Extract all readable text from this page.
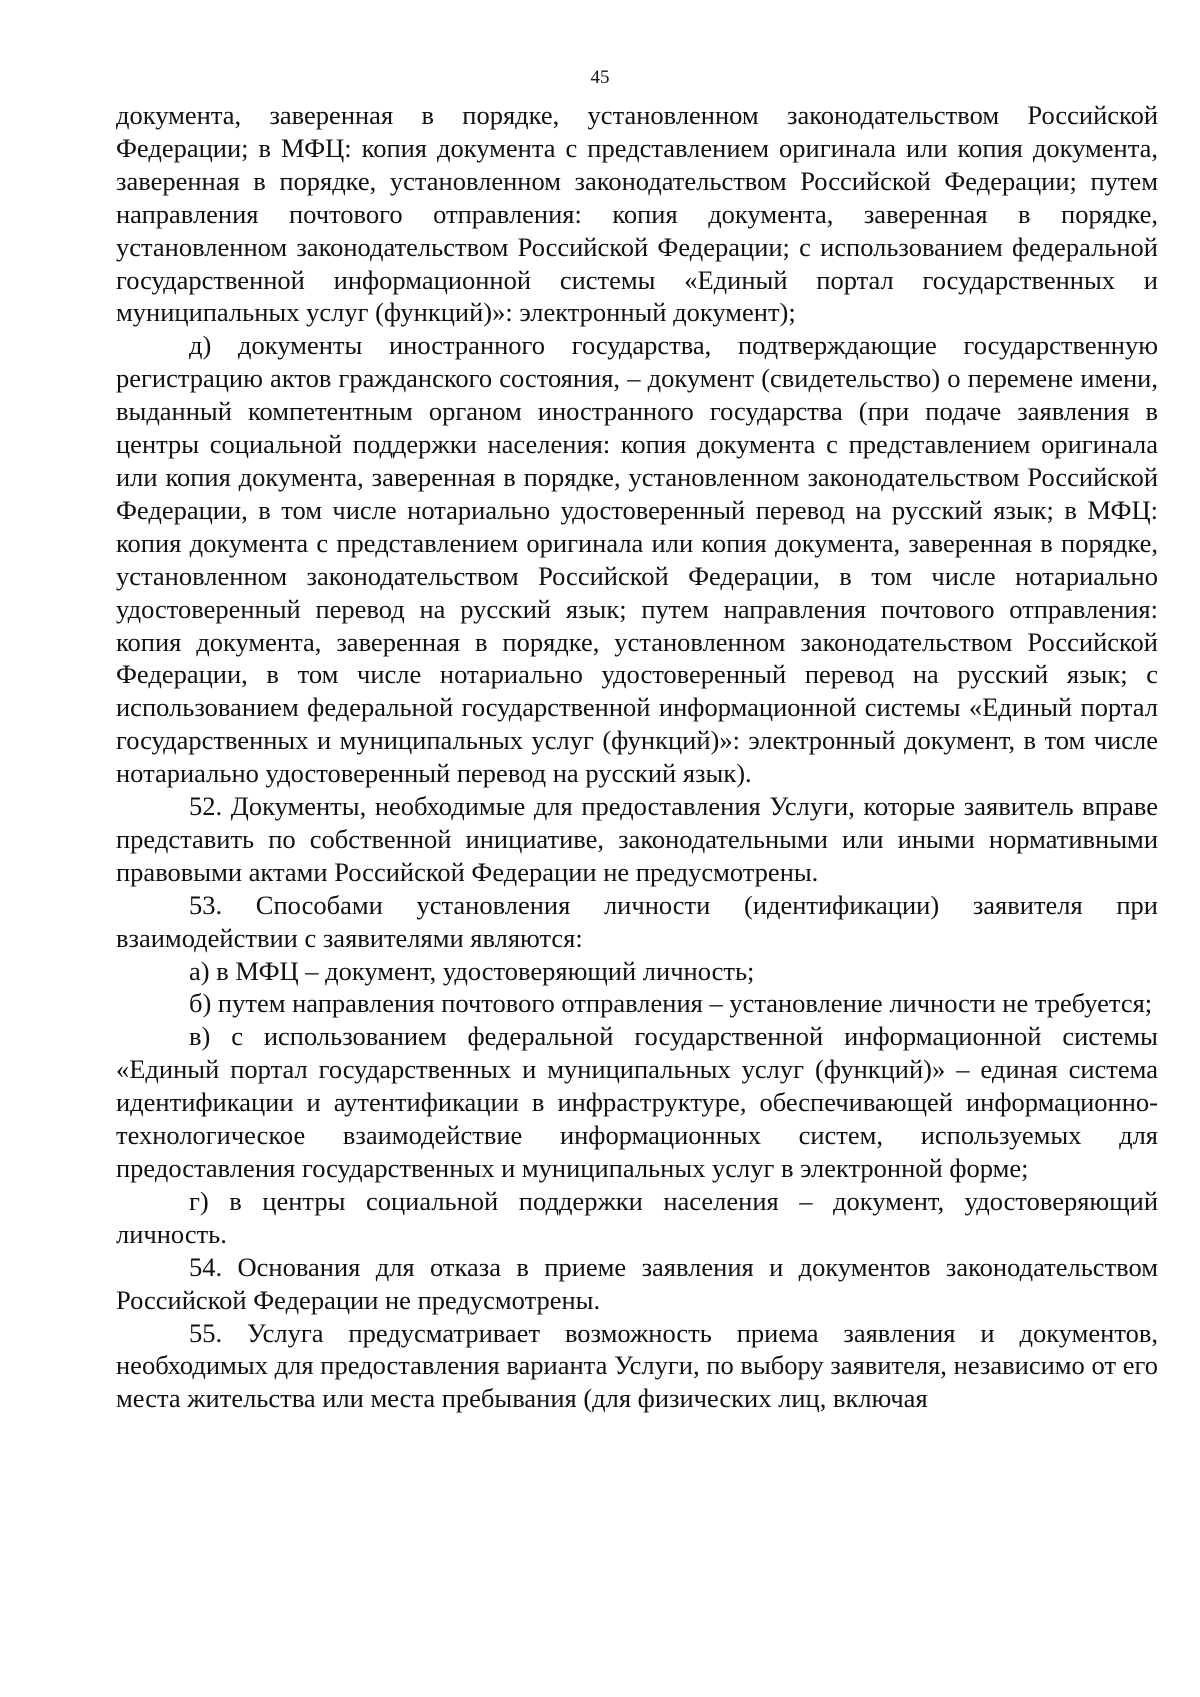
45

документа, заверенная в порядке, установленном законодательством Российской Федерации; в МФЦ: копия документа с представлением оригинала или копия документа, заверенная в порядке, установленном законодательством Российской Федерации; путем направления почтового отправления: копия документа, заверенная в порядке, установленном законодательством Российской Федерации; с использованием федеральной государственной информационной системы «Единый портал государственных и муниципальных услуг (функций)»: электронный документ);

д) документы иностранного государства, подтверждающие государственную регистрацию актов гражданского состояния, – документ (свидетельство) о перемене имени, выданный компетентным органом иностранного государства (при подаче заявления в центры социальной поддержки населения: копия документа с представлением оригинала или копия документа, заверенная в порядке, установленном законодательством Российской Федерации, в том числе нотариально удостоверенный перевод на русский язык; в МФЦ: копия документа с представлением оригинала или копия документа, заверенная в порядке, установленном законодательством Российской Федерации, в том числе нотариально удостоверенный перевод на русский язык; путем направления почтового отправления: копия документа, заверенная в порядке, установленном законодательством Российской Федерации, в том числе нотариально удостоверенный перевод на русский язык; с использованием федеральной государственной информационной системы «Единый портал государственных и муниципальных услуг (функций)»: электронный документ, в том числе нотариально удостоверенный перевод на русский язык).

52. Документы, необходимые для предоставления Услуги, которые заявитель вправе представить по собственной инициативе, законодательными или иными нормативными правовыми актами Российской Федерации не предусмотрены.

53. Способами установления личности (идентификации) заявителя при взаимодействии с заявителями являются:

а) в МФЦ – документ, удостоверяющий личность;

б) путем направления почтового отправления – установление личности не требуется;

в) с использованием федеральной государственной информационной системы «Единый портал государственных и муниципальных услуг (функций)» – единая система идентификации и аутентификации в инфраструктуре, обеспечивающей информационно-технологическое взаимодействие информационных систем, используемых для предоставления государственных и муниципальных услуг в электронной форме;

г) в центры социальной поддержки населения – документ, удостоверяющий личность.

54. Основания для отказа в приеме заявления и документов законодательством Российской Федерации не предусмотрены.

55. Услуга предусматривает возможность приема заявления и документов, необходимых для предоставления варианта Услуги, по выбору заявителя, независимо от его места жительства или места пребывания (для физических лиц, включая
